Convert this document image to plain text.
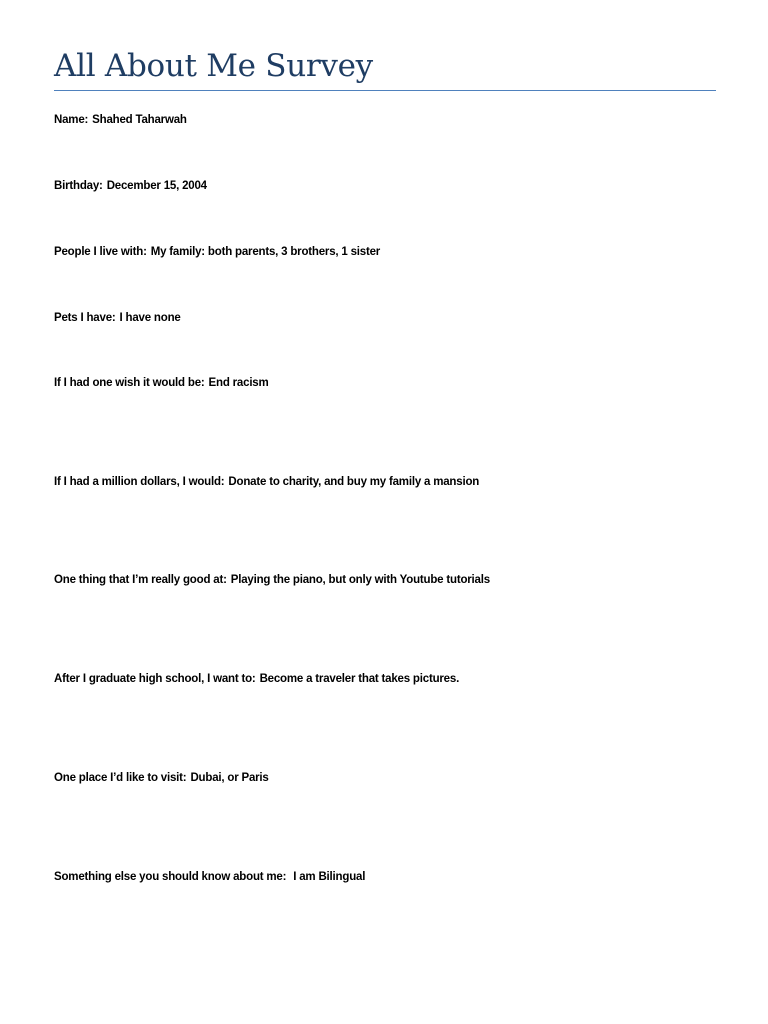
All About Me Survey

Name: Shahed Taharwah

Birthday: December 15, 2004

People I live with: My family: both parents, 3 brothers, 1 sister

Pets I have: I have none

If I had one wish it would be: End racism

If I had a million dollars, I would: Donate to charity, and buy my family a mansion

One thing that I’m really good at: Playing the piano, but only with Youtube tutorials

After I graduate high school, I want to: Become a traveler that takes pictures.

One place I’d like to visit: Dubai, or Paris

Something else you should know about me: I am Bilingual
